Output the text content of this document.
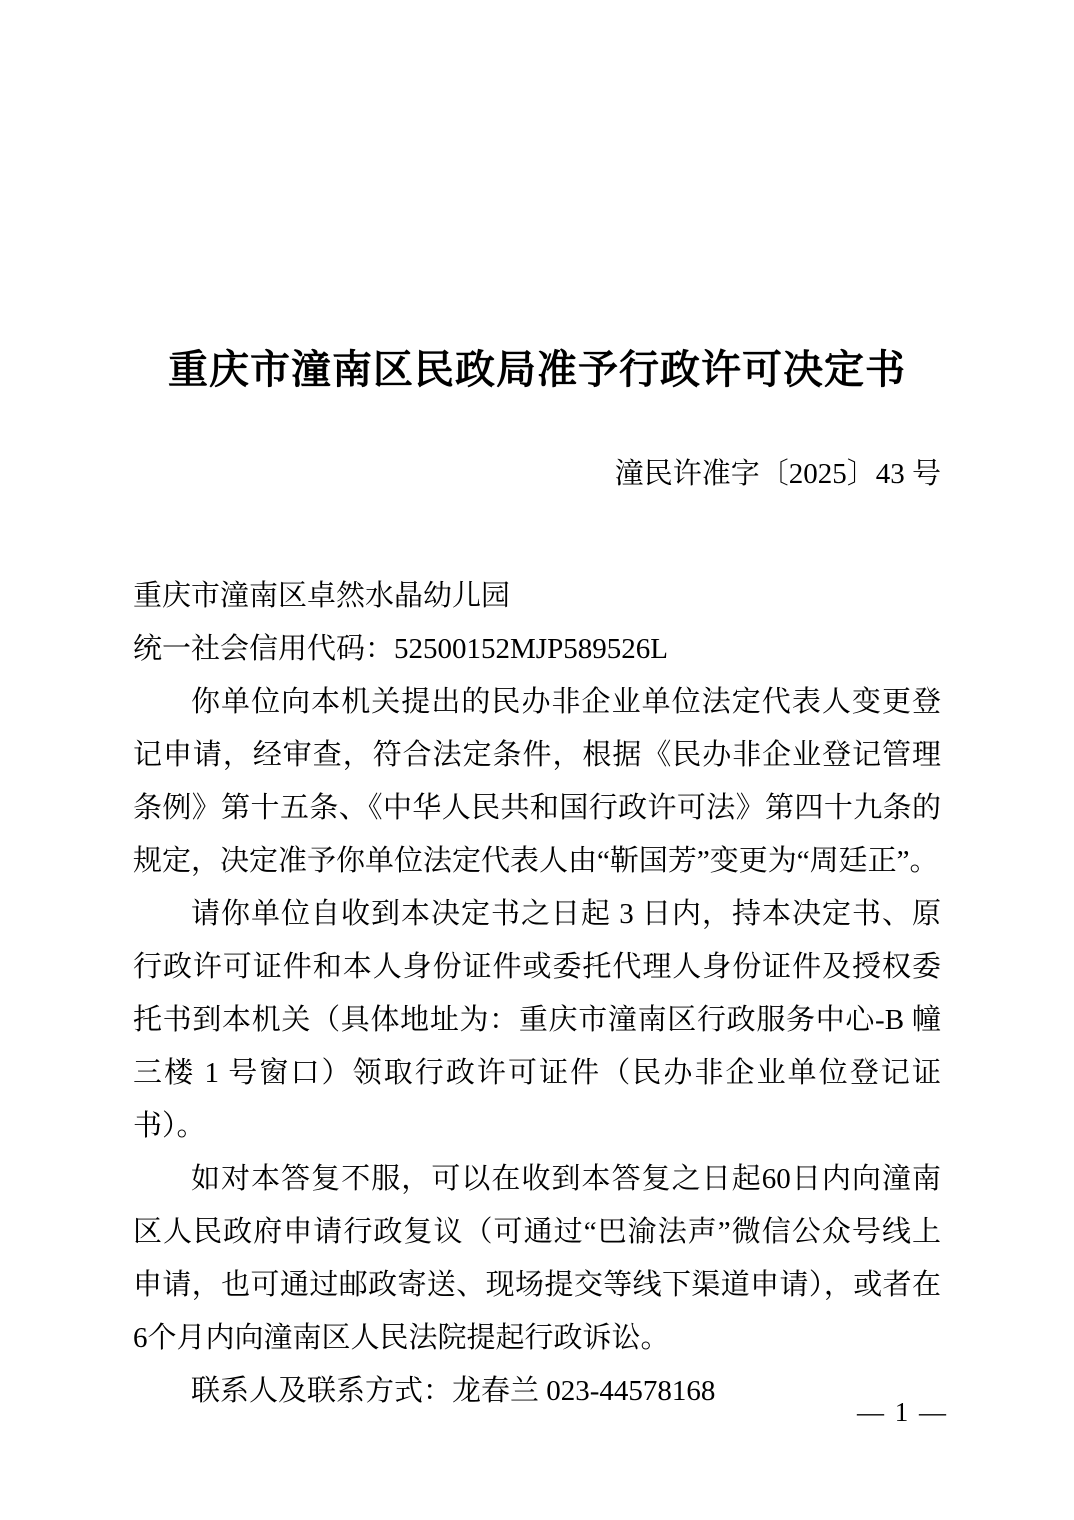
重庆市潼南区民政局准予行政许可决定书
潼民许准字〔2025〕43 号

重庆市潼南区卓然水晶幼儿园

统一社会信用代码：52500152MJP589526L

你单位向本机关提出的民办非企业单位法定代表人变更登记申请，经审查，符合法定条件，根据《民办非企业登记管理条例》第十五条、《中华人民共和国行政许可法》第四十九条的规定，决定准予你单位法定代表人由“靳国芳”变更为“周廷正”。

请你单位自收到本决定书之日起 3 日内，持本决定书、原行政许可证件和本人身份证件或委托代理人身份证件及授权委托书到本机关（具体地址为：重庆市潼南区行政服务中心-B 幢三楼 1 号窗口）领取行政许可证件（民办非企业单位登记证书）。

如对本答复不服，可以在收到本答复之日起60日内向潼南区人民政府申请行政复议（可通过“巴渝法声”微信公众号线上申请，也可通过邮政寄送、现场提交等线下渠道申请），或者在6个月内向潼南区人民法院提起行政诉讼。

联系人及联系方式：龙春兰 023-44578168

— 1 —
